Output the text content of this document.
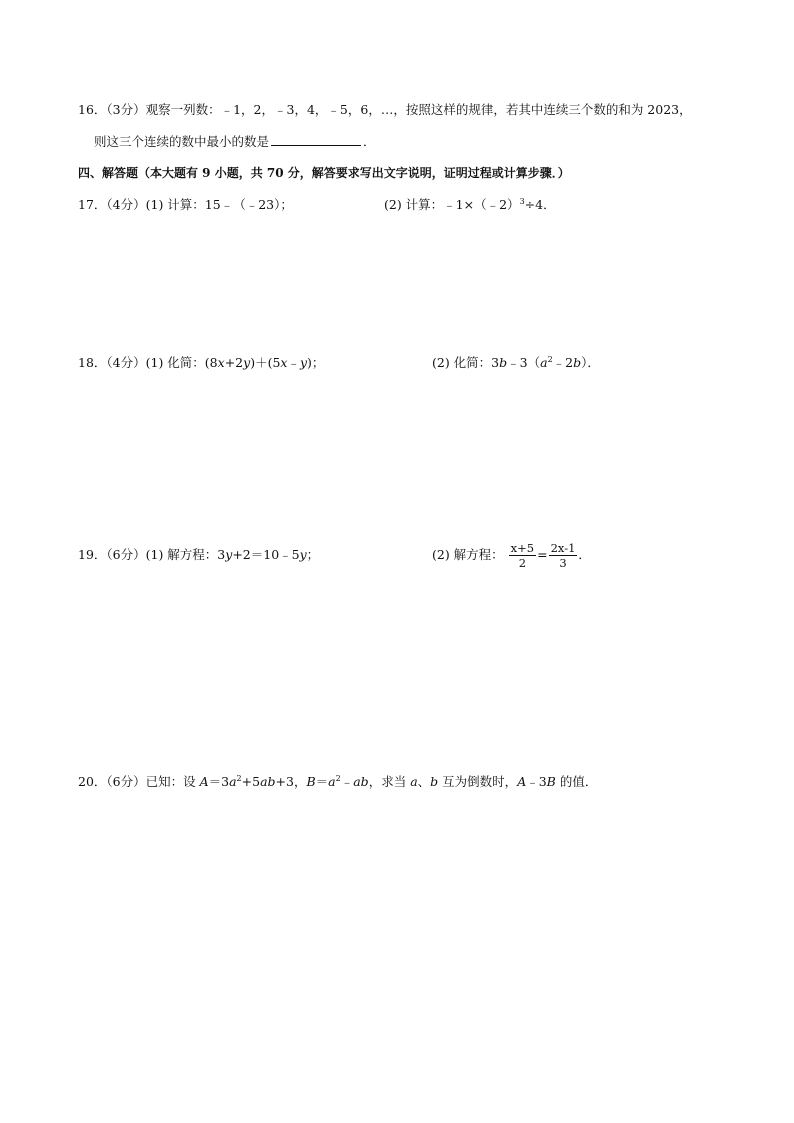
16．（3分）观察一列数：﹣1，2，﹣3，4，﹣5，6，…，按照这样的规律，若其中连续三个数的和为 2023，
则这三个连续的数中最小的数是	．
四、解答题（本大题有 9 小题，共 70 分，解答要求写出文字说明，证明过程或计算步骤．）
17．（4分）(1) 计算：15﹣（﹣23）；	(2) 计算：﹣1×（﹣2）$^3$÷4．
18．（4分）(1) 化简：(8x+2y)＋(5x﹣y)；	(2) 化简：$3b﹣3(a^2﹣2b)$．
19．（6分）(1) 解方程：3y+2＝10﹣5y；	(2) 解方程： $\frac{x+5}{2} = \frac{2x-1}{3}$ ．
20．（6分）已知：设 $A=3a^2+5ab+3$，$B=a^2﹣ab$，求当 a、b 互为倒数时，A﹣3B 的值．
